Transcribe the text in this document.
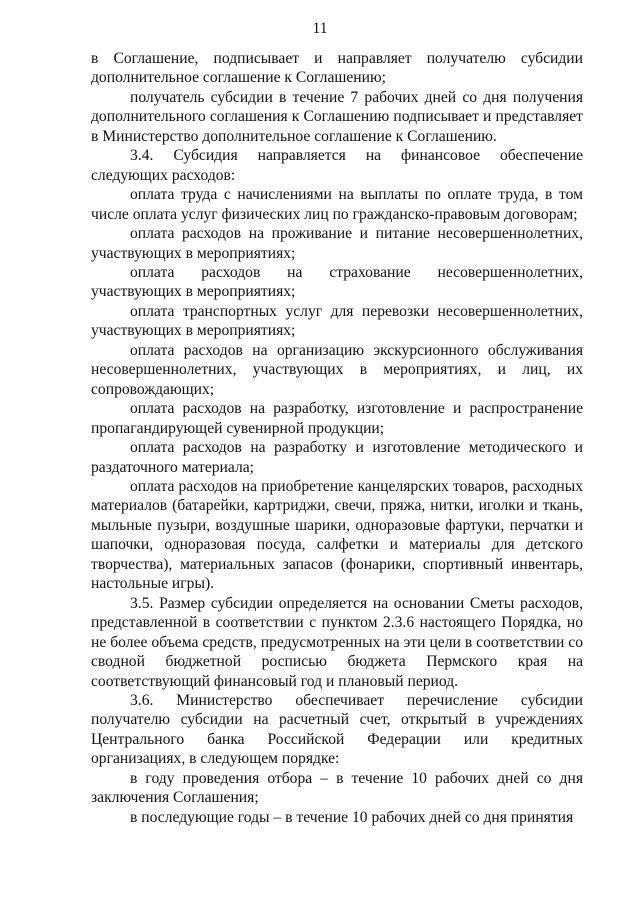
11

в Соглашение, подписывает и направляет получателю субсидии дополнительное соглашение к Соглашению;

получатель субсидии в течение 7 рабочих дней со дня получения дополнительного соглашения к Соглашению подписывает и представляет в Министерство дополнительное соглашение к Соглашению.

3.4. Субсидия направляется на финансовое обеспечение следующих расходов:

оплата труда с начислениями на выплаты по оплате труда, в том числе оплата услуг физических лиц по гражданско-правовым договорам;

оплата расходов на проживание и питание несовершеннолетних, участвующих в мероприятиях;

оплата расходов на страхование несовершеннолетних, участвующих в мероприятиях;

оплата транспортных услуг для перевозки несовершеннолетних, участвующих в мероприятиях;

оплата расходов на организацию экскурсионного обслуживания несовершеннолетних, участвующих в мероприятиях, и лиц, их сопровождающих;

оплата расходов на разработку, изготовление и распространение пропагандирующей сувенирной продукции;

оплата расходов на разработку и изготовление методического и раздаточного материала;

оплата расходов на приобретение канцелярских товаров, расходных материалов (батарейки, картриджи, свечи, пряжа, нитки, иголки и ткань, мыльные пузыри, воздушные шарики, одноразовые фартуки, перчатки и шапочки, одноразовая посуда, салфетки и материалы для детского творчества), материальных запасов (фонарики, спортивный инвентарь, настольные игры).

3.5. Размер субсидии определяется на основании Сметы расходов, представленной в соответствии с пунктом 2.3.6 настоящего Порядка, но не более объема средств, предусмотренных на эти цели в соответствии со сводной бюджетной росписью бюджета Пермского края на соответствующий финансовый год и плановый период.

3.6. Министерство обеспечивает перечисление субсидии получателю субсидии на расчетный счет, открытый в учреждениях Центрального банка Российской Федерации или кредитных организациях, в следующем порядке:

в году проведения отбора – в течение 10 рабочих дней со дня заключения Соглашения;

в последующие годы – в течение 10 рабочих дней со дня принятия
